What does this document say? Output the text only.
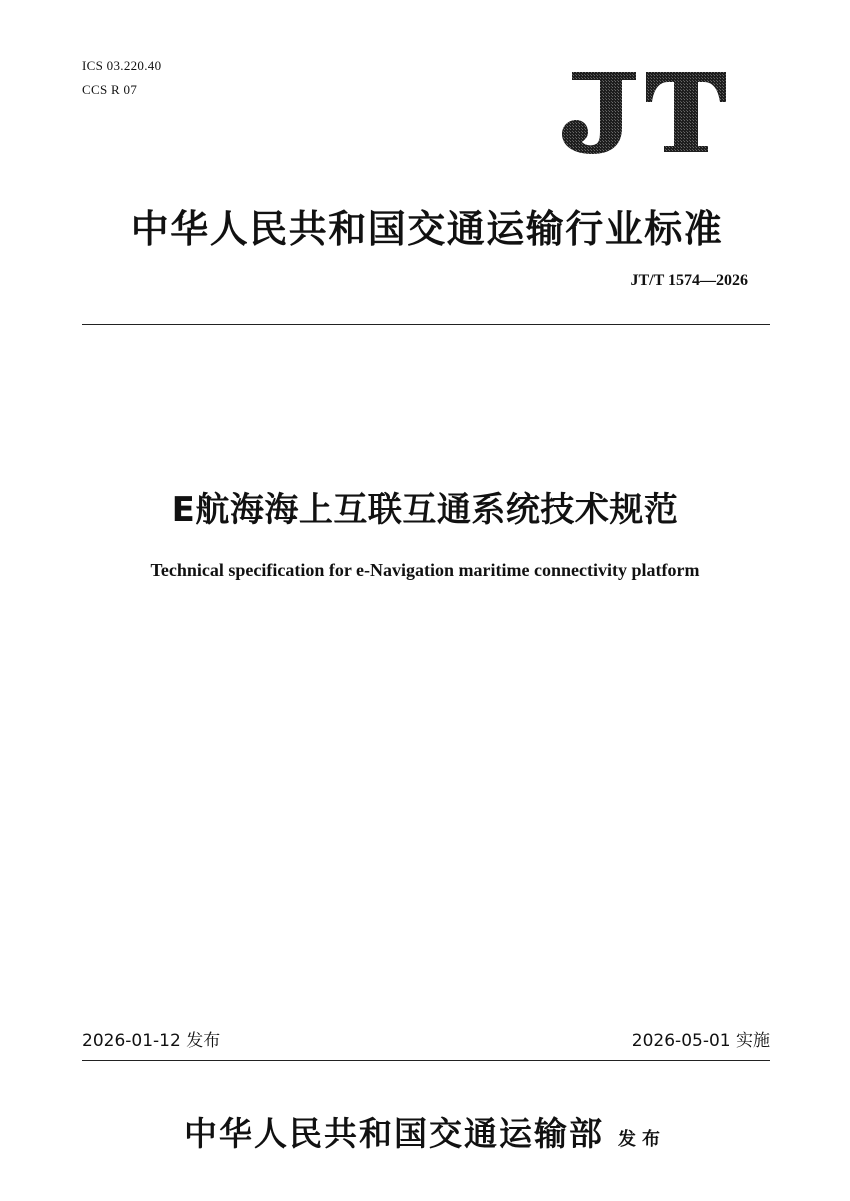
ICS 03.220.40
CCS R 07
中华人民共和国交通运输行业标准
JT/T 1574—2026
E航海海上互联互通系统技术规范
Technical specification for e-Navigation maritime connectivity platform
2026-01-12 发布	2026-05-01 实施
中华人民共和国交通运输部 发布
